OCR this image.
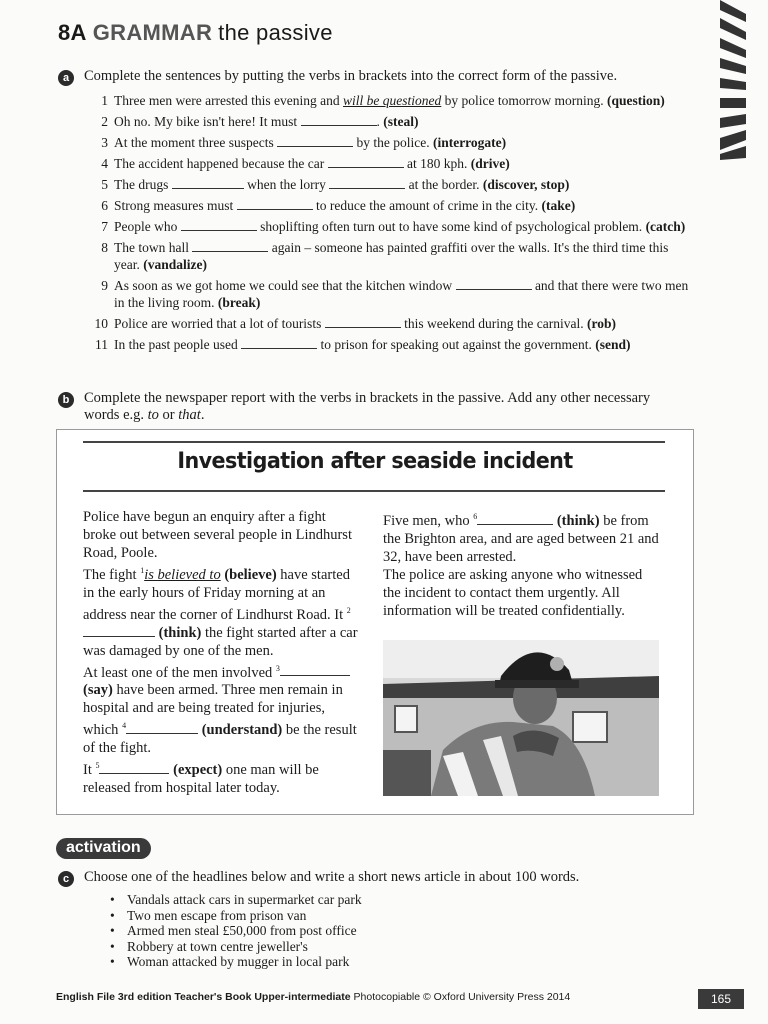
8A GRAMMAR the passive
a	Complete the sentences by putting the verbs in brackets into the correct form of the passive.
1 Three men were arrested this evening and will be questioned by police tomorrow morning. (question)
2 Oh no. My bike isn't here! It must	. (steal)
3 At the moment three suspects	by the police. (interrogate)
4 The accident happened because the car	at 180 kph. (drive)
5 The drugs	when the lorry	at the border. (discover, stop)
6 Strong measures must	to reduce the amount of crime in the city. (take)
7 People who	shoplifting often turn out to have some kind of psychological problem. (catch)
8 The town hall	again – someone has painted graffiti over the walls. It's the third time this year. (vandalize)
9 As soon as we got home we could see that the kitchen window	and that there were two men in the living room. (break)
10 Police are worried that a lot of tourists	this weekend during the carnival. (rob)
11 In the past people used	to prison for speaking out against the government. (send)
b	Complete the newspaper report with the verbs in brackets in the passive. Add any other necessary words e.g. to or that.
Investigation after seaside incident
Police have begun an enquiry after a fight broke out between several people in Lindhurst Road, Poole.
The fight $^1$is believed to (believe) have started in the early hours of Friday morning at an address near the corner of Lindhurst Road. It $^2$ (think) the fight started after a car was damaged by one of the men.
At least one of the men involved $^3$ (say) have been armed. Three men remain in hospital and are being treated for injuries, which $^4$	(understand) be the result of the fight.
It $^5$	(expect) one man will be released from hospital later today.
Five men, who $^6$	(think) be from the Brighton area, and are aged between 21 and 32, have been arrested.
The police are asking anyone who witnessed the incident to contact them urgently. All information will be treated confidentially.
activation
c	Choose one of the headlines below and write a short news article in about 100 words.
• Vandals attack cars in supermarket car park
• Two men escape from prison van
• Armed men steal £50,000 from post office
• Robbery at town centre jeweller's
• Woman attacked by mugger in local park
English File 3rd edition Teacher's Book Upper-intermediate Photocopiable © Oxford University Press 2014	165
